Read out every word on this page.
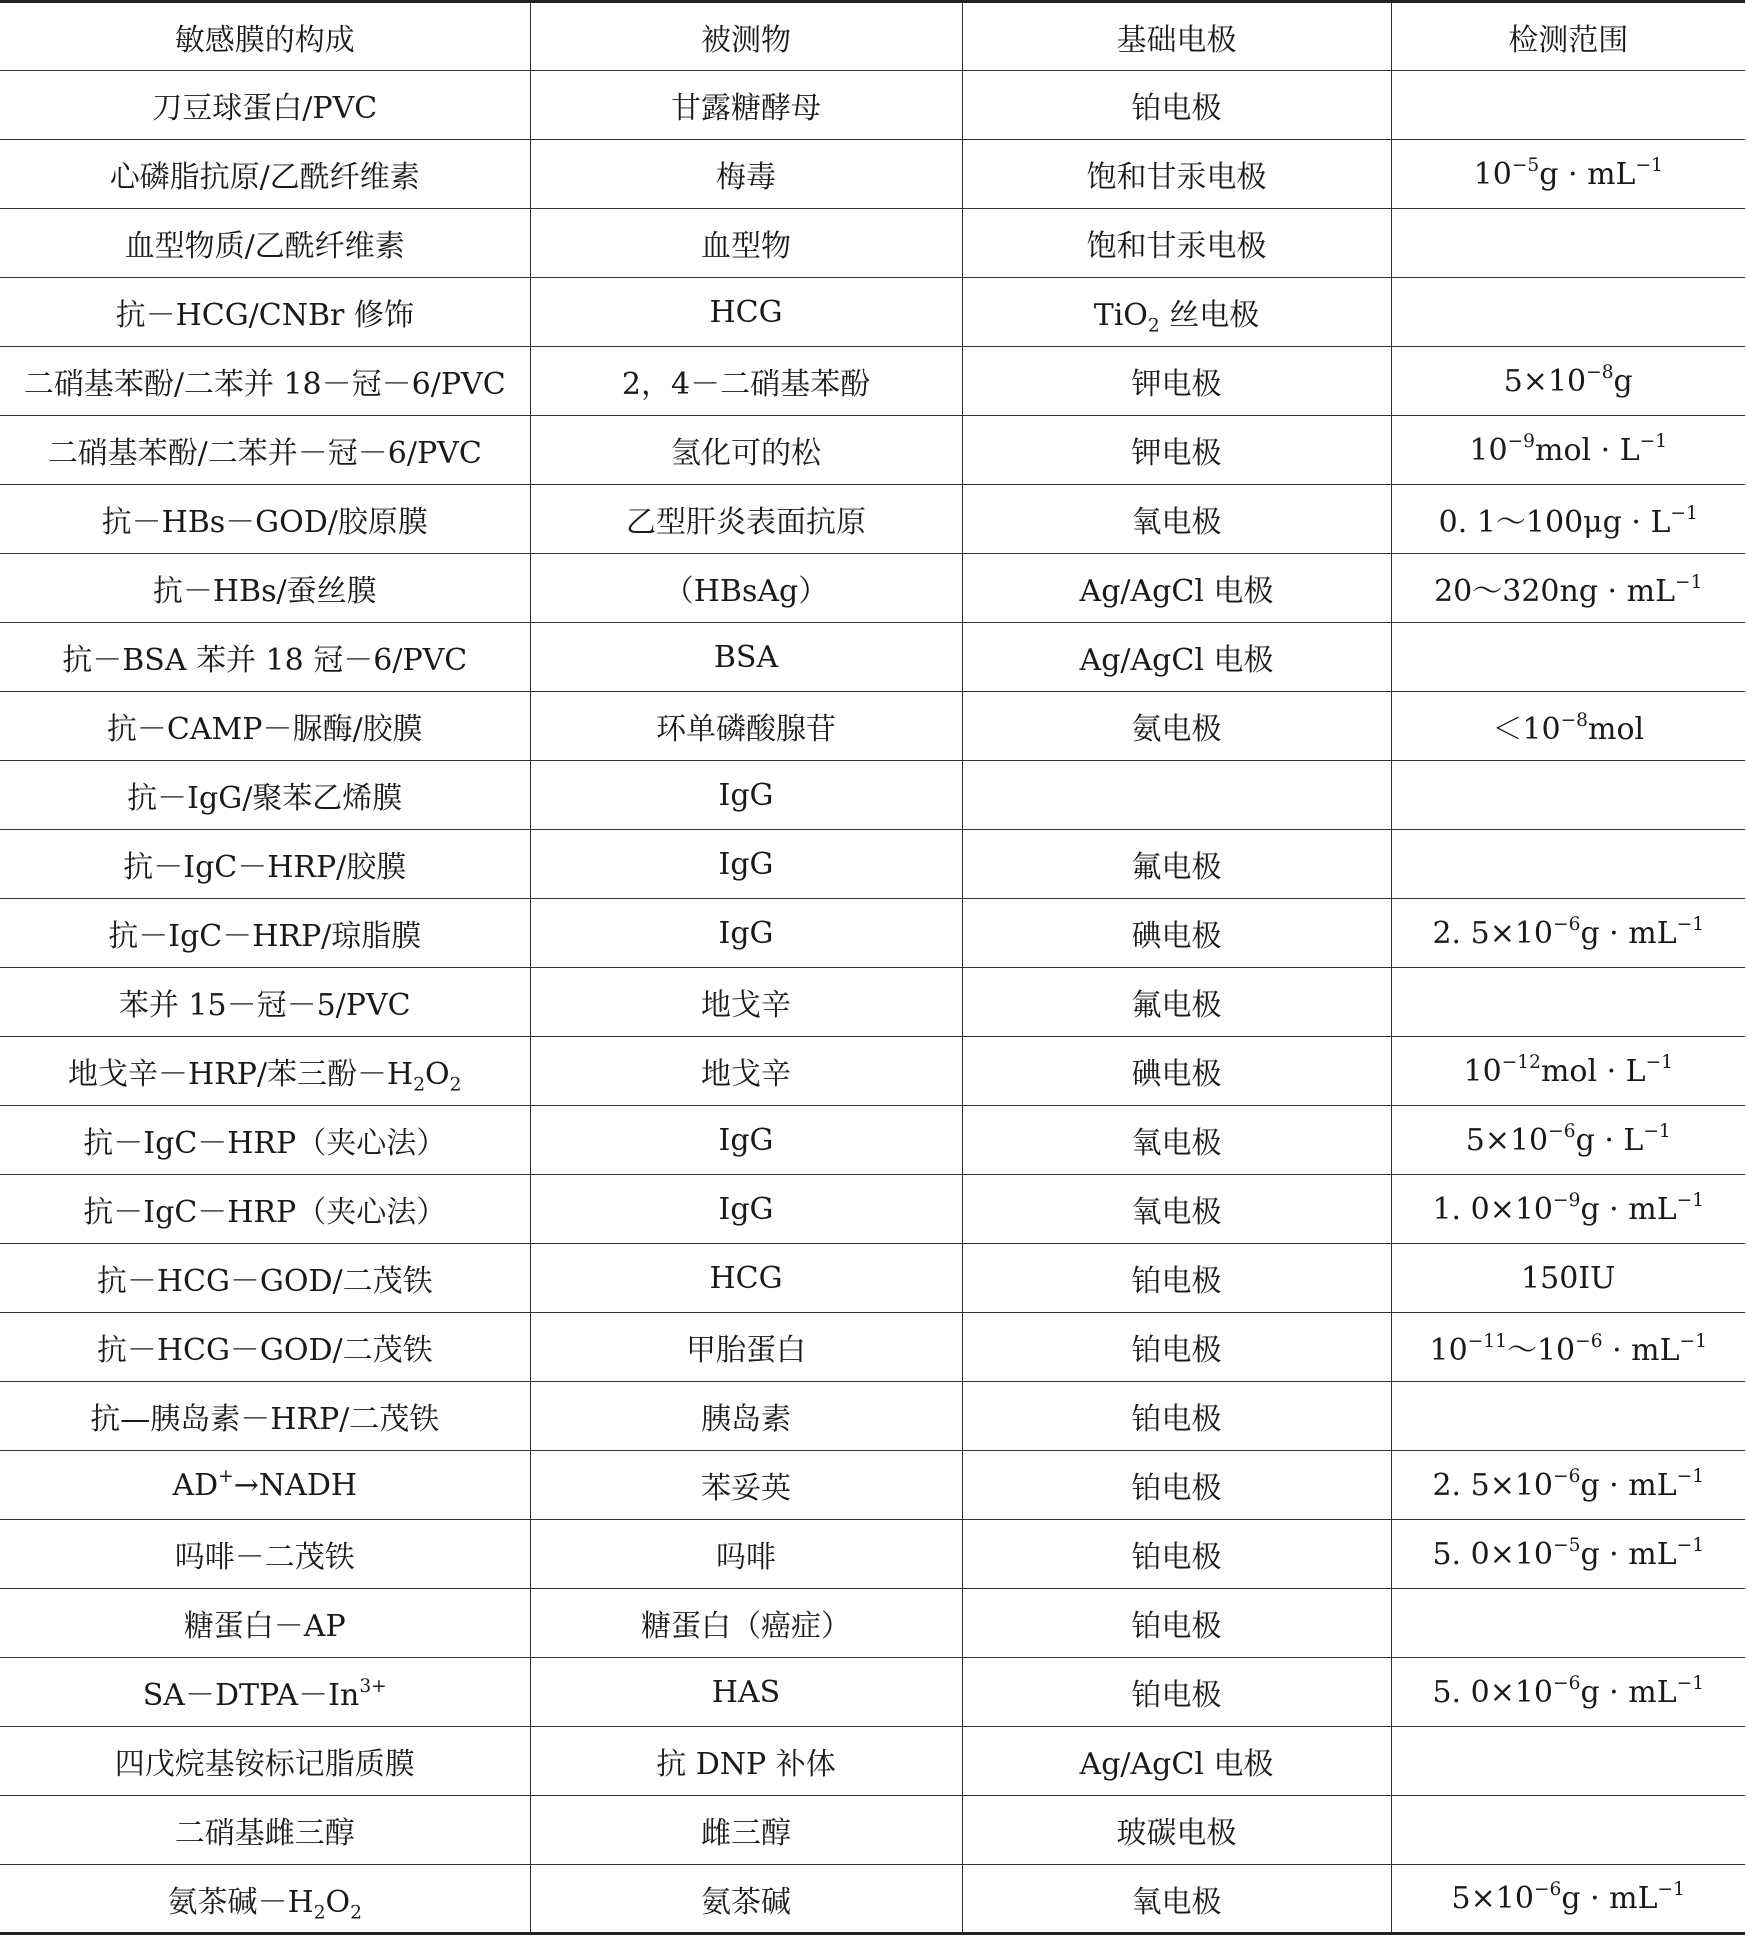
敏感膜的构成	被测物	基础电极	检测范围
刀豆球蛋白/PVC	甘露糖酵母	铂电极	
心磷脂抗原/乙酰纤维素	梅毒	饱和甘汞电极	$10^{-5}g \cdot mL^{-1}$
血型物质/乙酰纤维素	血型物	饱和甘汞电极	
抗－HCG/CNBr 修饰	HCG	TiO$_2$ 丝电极	
二硝基苯酚/二苯并 18－冠－6/PVC	2，4－二硝基苯酚	钾电极	$5\times 10^{-8}g$
二硝基苯酚/二苯并－冠－6/PVC	氢化可的松	钾电极	$10^{-9}mol \cdot L^{-1}$
抗－HBs－GOD/胶原膜	乙型肝炎表面抗原	氧电极	0. 1～100μg · $L^{-1}$
抗－HBs/蚕丝膜	（HBsAg）	Ag/AgCl 电极	20～320ng · $mL^{-1}$
抗－BSA 苯并 18 冠－6/PVC	BSA	Ag/AgCl 电极	
抗－CAMP－脲酶/胶膜	环单磷酸腺苷	氨电极	$<10^{-8}mol$
抗－IgG/聚苯乙烯膜	IgG		
抗－IgC－HRP/胶膜	IgG	氟电极	
抗－IgC－HRP/琼脂膜	IgG	碘电极	2. $5\times 10^{-6}g \cdot mL^{-1}$
苯并 15－冠－5/PVC	地戈辛	氟电极	
地戈辛－HRP/苯三酚$-H_2O_2$	地戈辛	碘电极	$10^{-12}mol \cdot L^{-1}$
抗－IgC－HRP（夹心法）	IgG	氧电极	$5\times 10^{-6}g \cdot L^{-1}$
抗－IgC－HRP（夹心法）	IgG	氧电极	1. $0\times 10^{-9}g \cdot mL^{-1}$
抗－HCG－GOD/二茂铁	HCG	铂电极	150IU
抗－HCG－GOD/二茂铁	甲胎蛋白	铂电极	$10^{-11}\sim 10^{-6} \cdot mL^{-1}$
抗—胰岛素－HRP/二茂铁	胰岛素	铂电极	
AD+→NADH	苯妥英	铂电极	2. $5\times 10^{-6}g \cdot mL^{-1}$
吗啡－二茂铁	吗啡	铂电极	5. $0\times 10^{-5}g \cdot mL^{-1}$
糖蛋白－AP	糖蛋白（癌症）	铂电极	
$SA-DTPA-In^{3+}$	HAS	铂电极	5. $0\times 10^{-6}g \cdot mL^{-1}$
四戊烷基铵标记脂质膜	抗 DNP 补体	Ag/AgCl 电极	
二硝基雌三醇	雌三醇	玻碳电极	
氨茶碱$-H_2O_2$	氨茶碱	氧电极	$5\times 10^{-6}g \cdot mL^{-1}$
